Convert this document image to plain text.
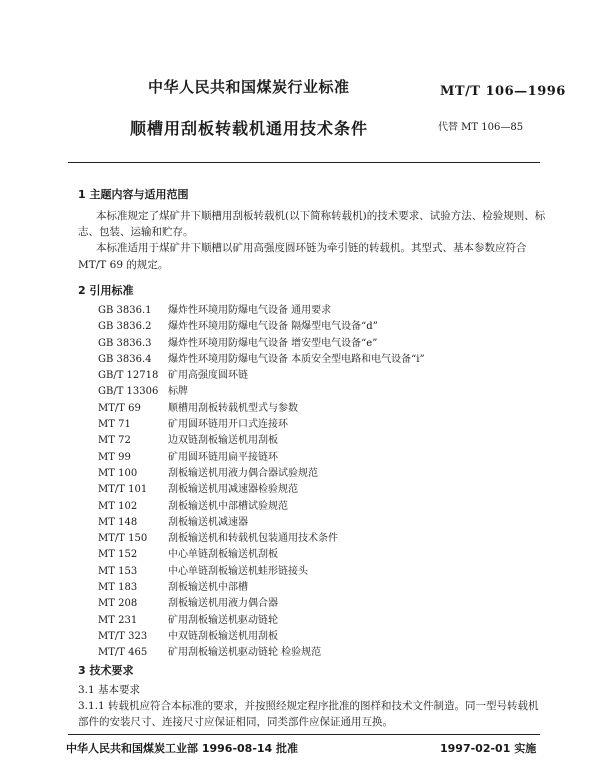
中华人民共和国煤炭行业标准	MT/T 106—1996
顺槽用刮板转载机通用技术条件	代替 MT 106—85
1 主题内容与适用范围
本标准规定了煤矿井下顺槽用刮板转载机(以下简称转载机)的技术要求、试验方法、检验规则、标
志、包装、运输和贮存。
本标准适用于煤矿井下顺槽以矿用高强度圆环链为牵引链的转载机。其型式、基本参数应符合
MT/T 69 的规定。
2 引用标准
GB 3836.1 爆炸性环境用防爆电气设备 通用要求
GB 3836.2 爆炸性环境用防爆电气设备 隔爆型电气设备“d”
GB 3836.3 爆炸性环境用防爆电气设备 增安型电气设备“e”
GB 3836.4 爆炸性环境用防爆电气设备 本质安全型电路和电气设备“i”
GB/T 12718 矿用高强度圆环链
GB/T 13306 标牌
MT/T 69	顺槽用刮板转载机型式与参数
MT 71	矿用圆环链用开口式连接环
MT 72	边双链刮板输送机用刮板
MT 99	矿用圆环链用扁平接链环
MT 100	刮板输送机用液力偶合器试验规范
MT/T 101 刮板输送机用减速器检验规范
MT 102	刮板输送机中部槽试验规范
MT 148	刮板输送机减速器
MT/T 150 刮板输送机和转载机包装通用技术条件
MT 152	中心单链刮板输送机刮板
MT 153	中心单链刮板输送机蛙形链接头
MT 183	刮板输送机中部槽
MT 208	刮板输送机用液力偶合器
MT 231	矿用刮板输送机驱动链轮
MT/T 323 中双链刮板输送机用刮板
MT/T 465 矿用刮板输送机驱动链轮 检验规范
3 技术要求
3.1 基本要求
3.1.1 转载机应符合本标准的要求，并按照经规定程序批准的图样和技术文件制造。同一型号转载机
部件的安装尺寸、连接尺寸应保证相同，同类部件应保证通用互换。
中华人民共和国煤炭工业部 1996-08-14 批准	1997-02-01 实施
